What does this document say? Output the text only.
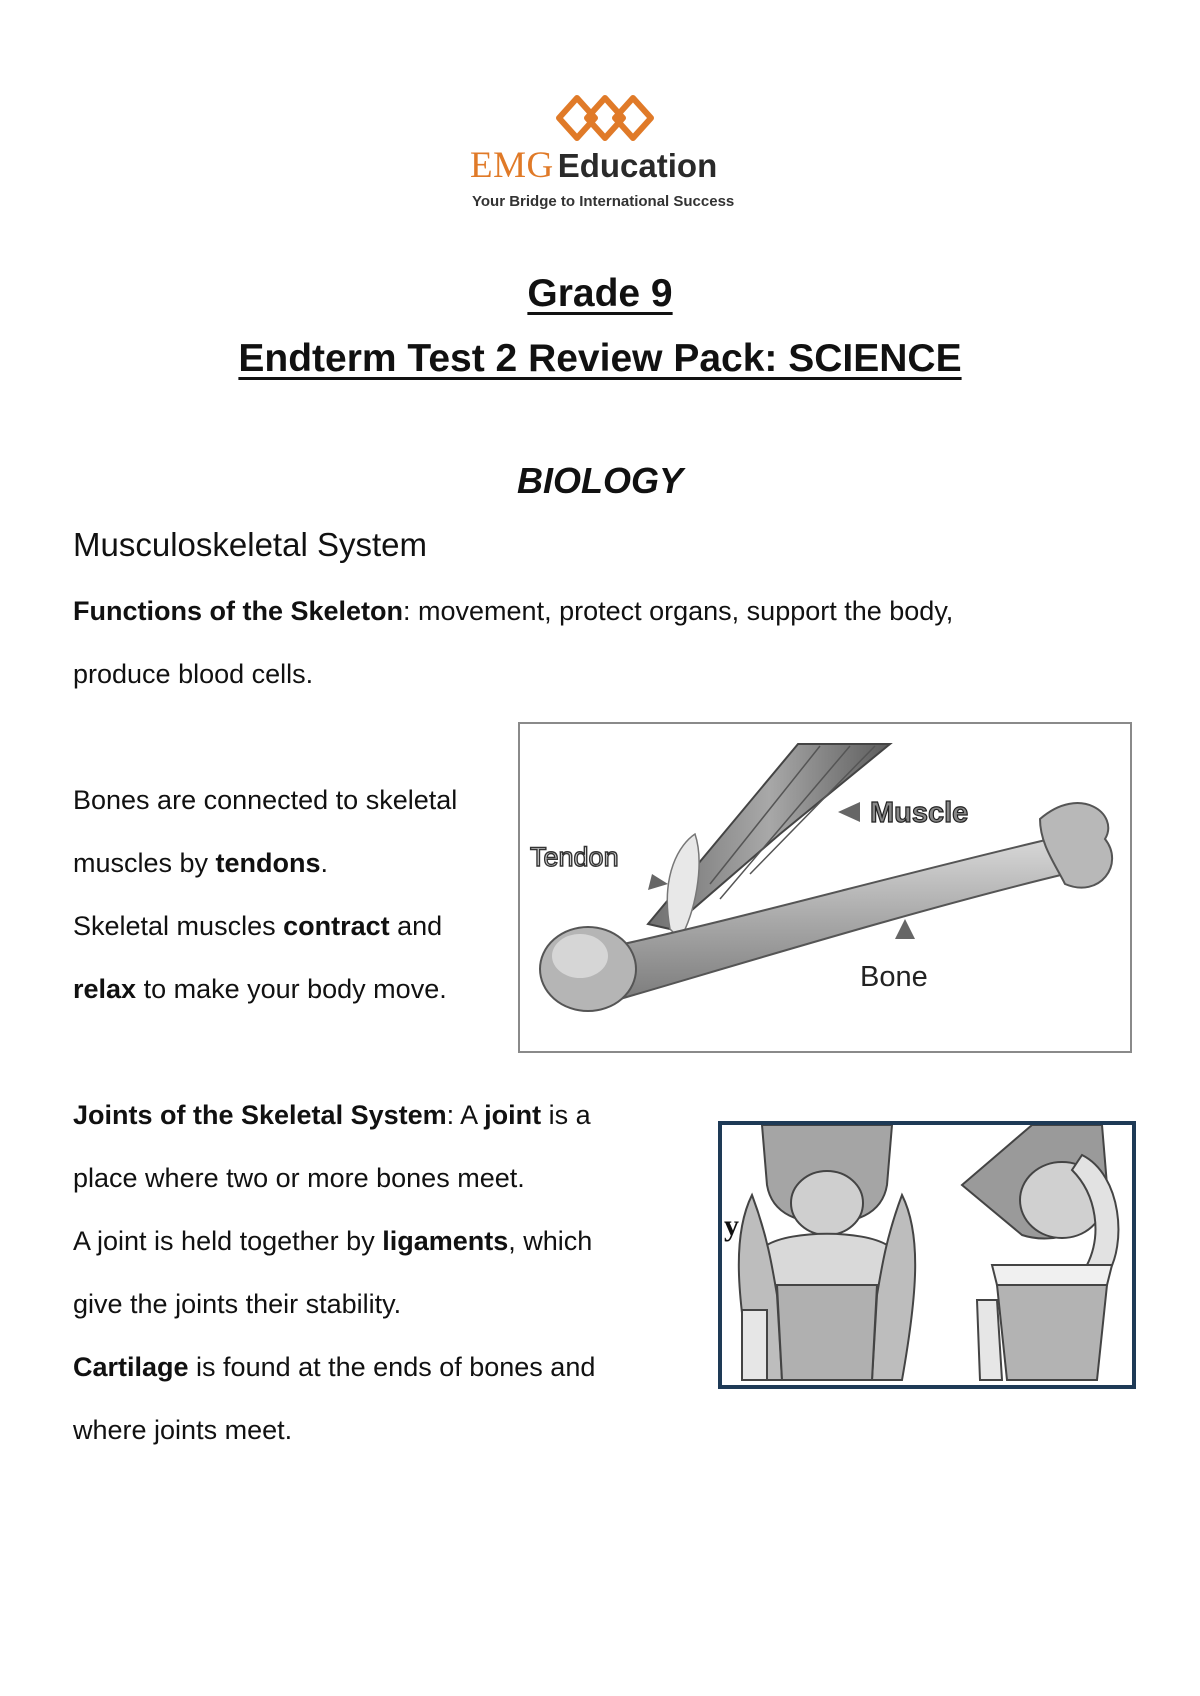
EMG Education
Your Bridge to International Success
Grade 9
Endterm Test 2 Review Pack: SCIENCE
BIOLOGY
Musculoskeletal System

Functions of the Skeleton: movement, protect organs, support the body,
produce blood cells.

Bones are connected to skeletal
muscles by tendons.
Skeletal muscles contract and
relax to make your body move.

Muscle
Tendon
Bone

Joints of the Skeletal System: A joint is a
place where two or more bones meet.
A joint is held together by ligaments, which
give the joints their stability.
Cartilage is found at the ends of bones and
where joints meet.

y
